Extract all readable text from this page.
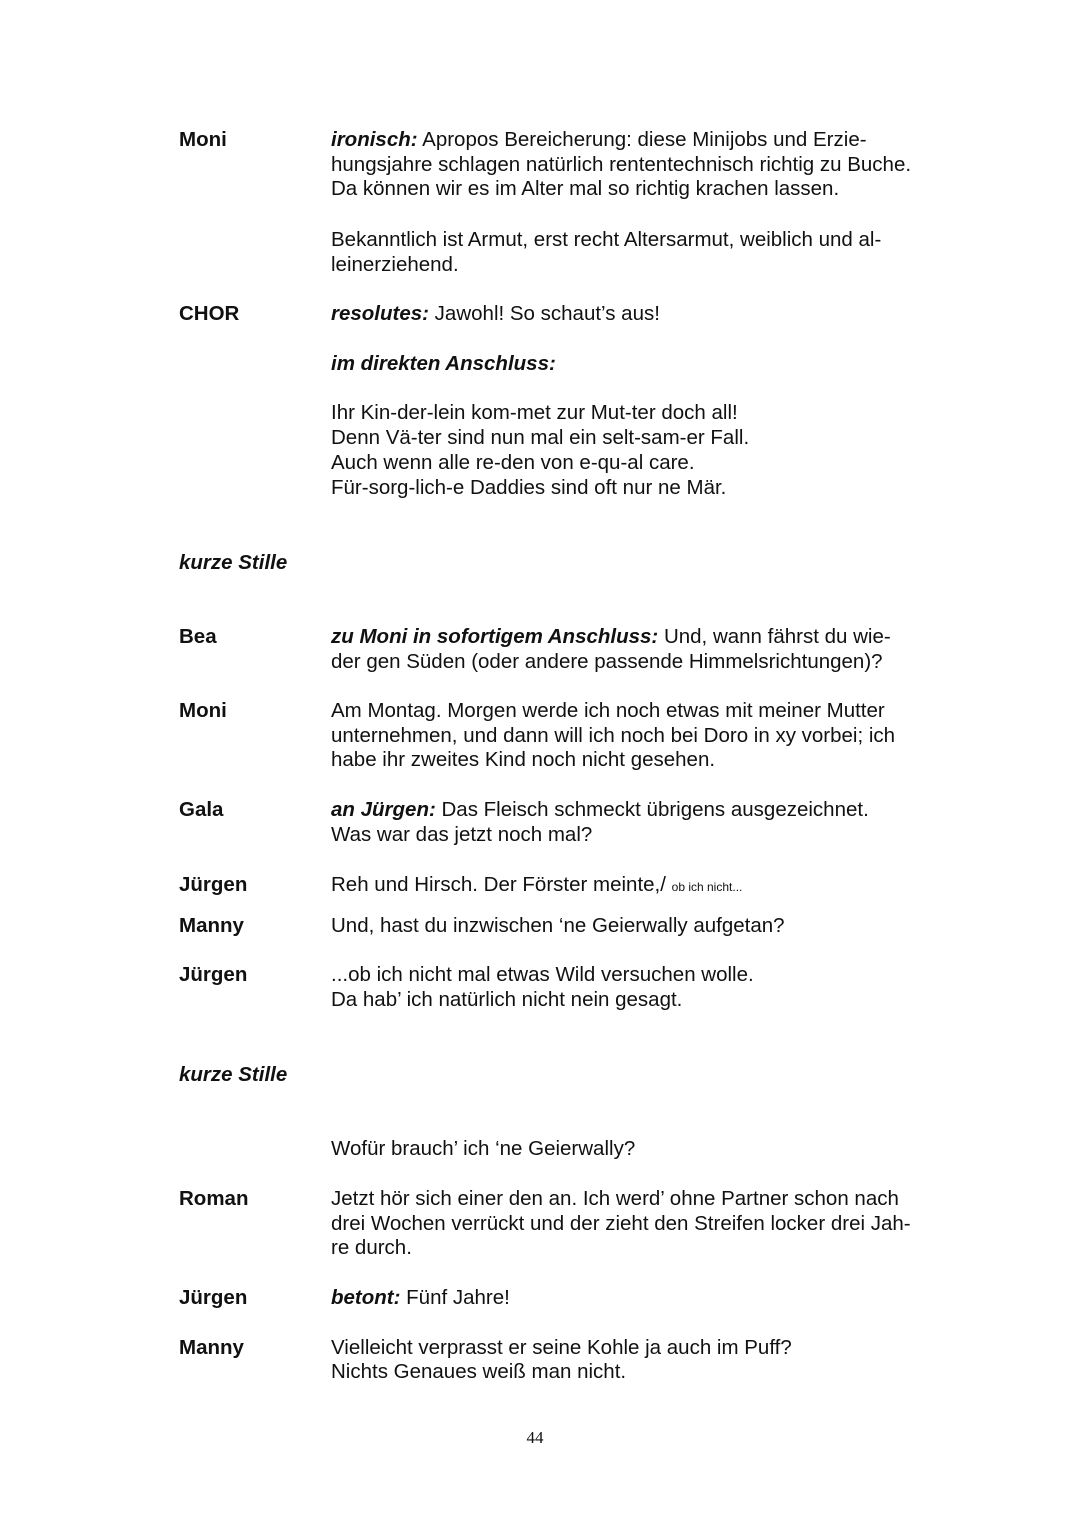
Moni	ironisch: Apropos Bereicherung: diese Minijobs und Erzie-
hungsjahre schlagen natürlich rententechnisch richtig zu Buche.
Da können wir es im Alter mal so richtig krachen lassen.
Bekanntlich ist Armut, erst recht Altersarmut, weiblich und al-
leinerziehend.
CHOR	resolutes: Jawohl! So schaut’s aus!
im direkten Anschluss:
Ihr Kin-der-lein kom-met zur Mut-ter doch all!
Denn Vä-ter sind nun mal ein selt-sam-er Fall.
Auch wenn alle re-den von e-qu-al care.
Für-sorg-lich-e Daddies sind oft nur ne Mär.
kurze Stille
Bea	zu Moni in sofortigem Anschluss: Und, wann fährst du wie-
der gen Süden (oder andere passende Himmelsrichtungen)?
Moni	Am Montag. Morgen werde ich noch etwas mit meiner Mutter
unternehmen, und dann will ich noch bei Doro in xy vorbei; ich
habe ihr zweites Kind noch nicht gesehen.
Gala	an Jürgen: Das Fleisch schmeckt übrigens ausgezeichnet.
Was war das jetzt noch mal?
Jürgen	Reh und Hirsch. Der Förster meinte,/ ob ich nicht...
Manny	Und, hast du inzwischen ‘ne Geierwally aufgetan?
Jürgen	...ob ich nicht mal etwas Wild versuchen wolle.
Da hab’ ich natürlich nicht nein gesagt.
kurze Stille
Wofür brauch’ ich ‘ne Geierwally?
Roman	Jetzt hör sich einer den an. Ich werd’ ohne Partner schon nach
drei Wochen verrückt und der zieht den Streifen locker drei Jah-
re durch.
Jürgen	betont: Fünf Jahre!
Manny	Vielleicht verprasst er seine Kohle ja auch im Puff?
Nichts Genaues weiß man nicht.
44
